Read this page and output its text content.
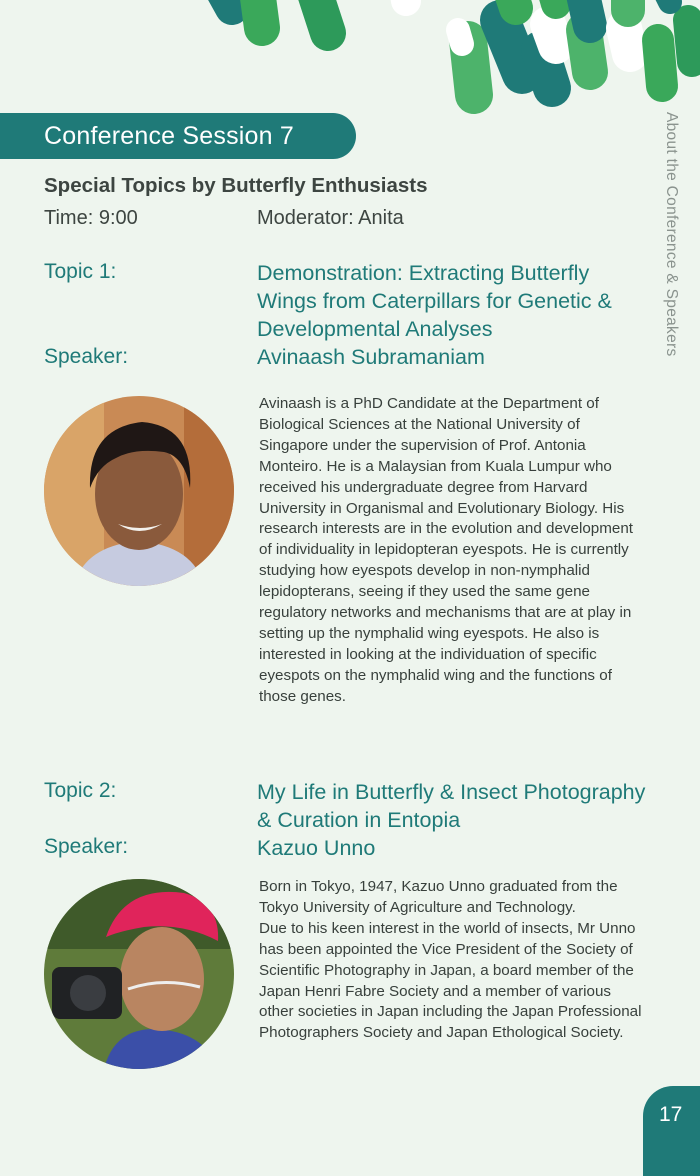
Conference Session 7	About the Conference & Speakers
Special Topics by Butterfly Enthusiasts
Time: 9:00	Moderator: Anita
Topic 1:	Demonstration: Extracting Butterfly Wings from Caterpillars for Genetic & Developmental Analyses
Speaker:	Avinaash Subramaniam
Avinaash is a PhD Candidate at the Department of Biological Sciences at the National University of Singapore under the supervision of Prof. Antonia Monteiro. He is a Malaysian from Kuala Lumpur who received his undergraduate degree from Harvard University in Organismal and Evolutionary Biology. His research interests are in the evolution and development of individuality in lepidopteran eyespots. He is currently studying how eyespots develop in non-nymphalid lepidopterans, seeing if they used the same gene regulatory networks and mechanisms that are at play in setting up the nymphalid wing eyespots. He also is interested in looking at the individuation of specific eyespots on the nymphalid wing and the functions of those genes.
Topic 2:	My Life in Butterfly & Insect Photography & Curation in Entopia
Speaker:	Kazuo Unno
Born in Tokyo, 1947, Kazuo Unno graduated from the Tokyo University of Agriculture and Technology.
Due to his keen interest in the world of insects, Mr Unno has been appointed the Vice President of the Society of Scientific Photography in Japan, a board member of the Japan Henri Fabre Society and a member of various other societies in Japan including the Japan Professional Photographers Society and Japan Ethological Society.
17
